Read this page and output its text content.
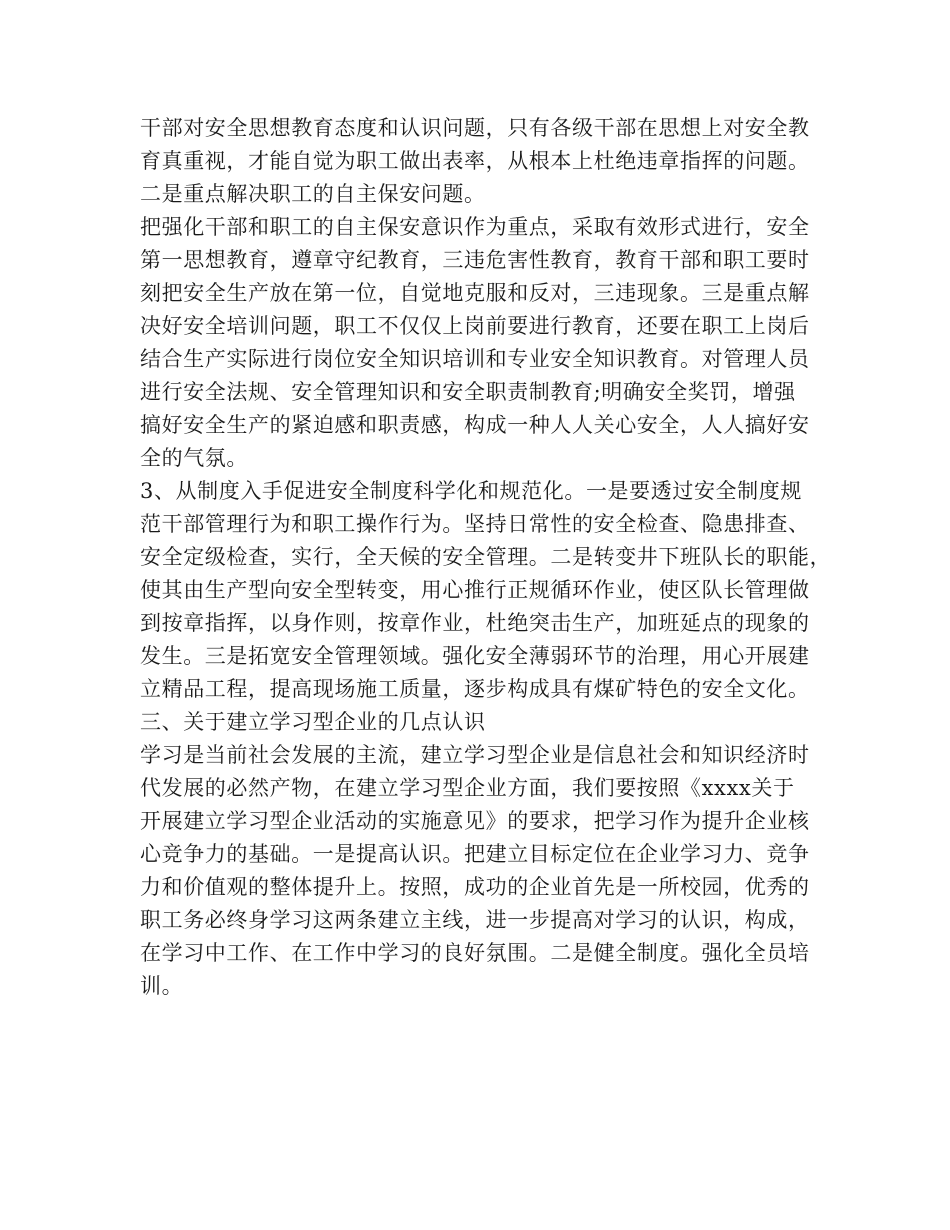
干部对安全思想教育态度和认识问题，只有各级干部在思想上对安全教
育真重视，才能自觉为职工做出表率，从根本上杜绝违章指挥的问题。
二是重点解决职工的自主保安问题。
把强化干部和职工的自主保安意识作为重点，采取有效形式进行，安全
第一思想教育，遵章守纪教育，三违危害性教育，教育干部和职工要时
刻把安全生产放在第一位，自觉地克服和反对，三违现象。三是重点解
决好安全培训问题，职工不仅仅上岗前要进行教育，还要在职工上岗后
结合生产实际进行岗位安全知识培训和专业安全知识教育。对管理人员
进行安全法规、安全管理知识和安全职责制教育;明确安全奖罚，增强
搞好安全生产的紧迫感和职责感，构成一种人人关心安全，人人搞好安
全的气氛。
3、从制度入手促进安全制度科学化和规范化。一是要透过安全制度规
范干部管理行为和职工操作行为。坚持日常性的安全检查、隐患排查、
安全定级检查，实行，全天候的安全管理。二是转变井下班队长的职能，
使其由生产型向安全型转变，用心推行正规循环作业，使区队长管理做
到按章指挥，以身作则，按章作业，杜绝突击生产，加班延点的现象的
发生。三是拓宽安全管理领域。强化安全薄弱环节的治理，用心开展建
立精品工程，提高现场施工质量，逐步构成具有煤矿特色的安全文化。
三、关于建立学习型企业的几点认识
学习是当前社会发展的主流，建立学习型企业是信息社会和知识经济时
代发展的必然产物，在建立学习型企业方面，我们要按照《xxxx关于
开展建立学习型企业活动的实施意见》的要求，把学习作为提升企业核
心竞争力的基础。一是提高认识。把建立目标定位在企业学习力、竞争
力和价值观的整体提升上。按照，成功的企业首先是一所校园，优秀的
职工务必终身学习这两条建立主线，进一步提高对学习的认识，构成，
在学习中工作、在工作中学习的良好氛围。二是健全制度。强化全员培
训。
